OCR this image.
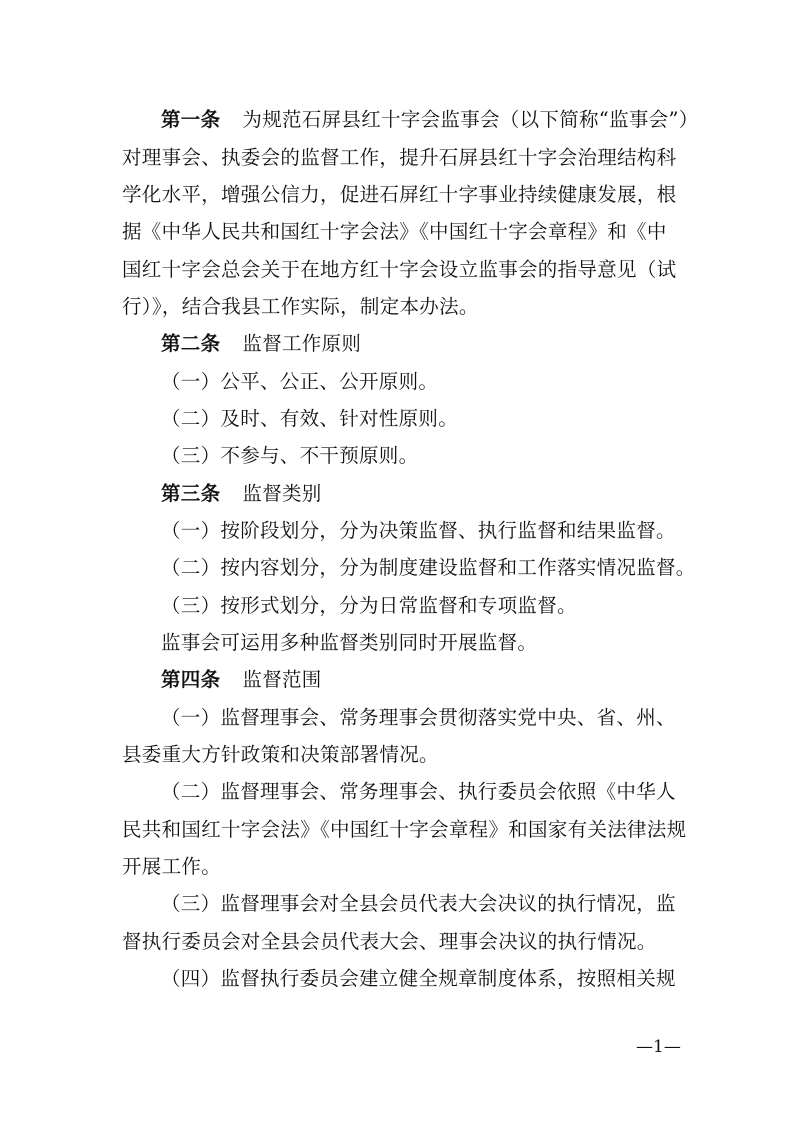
第一条 为规范石屏县红十字会监事会（以下简称“监事会”）
对理事会、执委会的监督工作，提升石屏县红十字会治理结构科
学化水平，增强公信力，促进石屏红十字事业持续健康发展，根
据《中华人民共和国红十字会法》《中国红十字会章程》和《中
国红十字会总会关于在地方红十字会设立监事会的指导意见（试
行）》，结合我县工作实际，制定本办法。
第二条 监督工作原则
（一）公平、公正、公开原则。
（二）及时、有效、针对性原则。
（三）不参与、不干预原则。
第三条 监督类别
（一）按阶段划分，分为决策监督、执行监督和结果监督。
（二）按内容划分，分为制度建设监督和工作落实情况监督。
（三）按形式划分，分为日常监督和专项监督。
监事会可运用多种监督类别同时开展监督。
第四条 监督范围
（一）监督理事会、常务理事会贯彻落实党中央、省、州、
县委重大方针政策和决策部署情况。
（二）监督理事会、常务理事会、执行委员会依照《中华人
民共和国红十字会法》《中国红十字会章程》和国家有关法律法规
开展工作。
（三）监督理事会对全县会员代表大会决议的执行情况，监
督执行委员会对全县会员代表大会、理事会决议的执行情况。
（四）监督执行委员会建立健全规章制度体系，按照相关规
—1—
